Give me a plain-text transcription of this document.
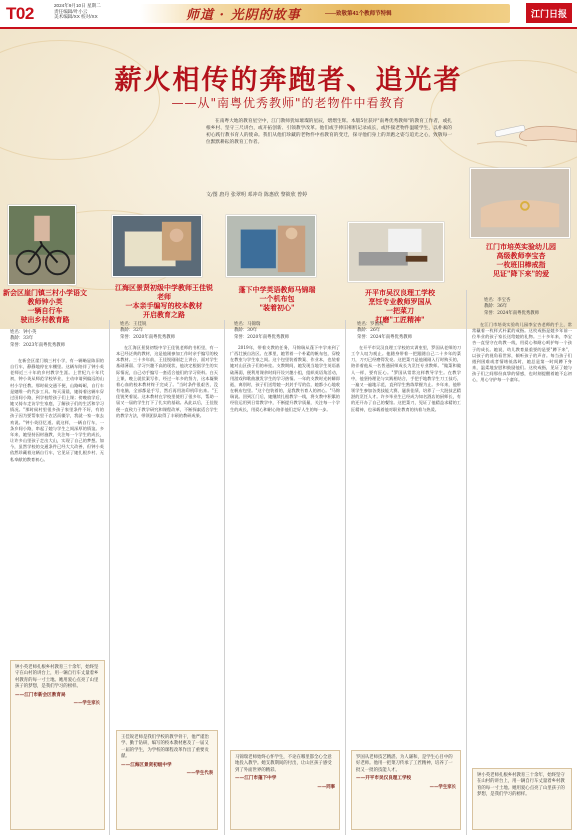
T02	2024年9月10日 星期二
责任编辑/叶小云
美术编辑/XX 校对/XX	师道 · 光阴的故事	——致敬第41个教师节特辑	江门日报
薪火相传的奔跑者、追光者
——从"南粤优秀教师"的老物件中看教育
在南粤大地的教育星空中，江门教师犹如璀璨的星辰，熠熠生辉。本版5位获评"南粤优秀教师"的教育工作者，或扎根乡村、坚守三尺讲台，或开拓创新、引领教学改革。他们或手捧旧相机记录成长，或怀揣老物件温暖学生，以朴素的初心践行教书育人的使命。我们从他们珍藏的老物件中看教育的变迁，探寻他们身上的奔跑之姿与追光之心，致敬每一位默默耕耘的教育工作者。
文/图 唐丹 张翠明 邓冲奇 陈惠欣 黎筱欣 曾婷
新会区崖门镇三村小学语文教师钟小英
一辆自行车
驶出乡村教育路
江海区景贤初级中学教师王佳锐老师
一本亲手编写的校本教材
开启教育之路
蓬下中学英语教师马锦瑞
一个机布包
"装着初心"
开平市吴汉良理工学校
烹饪专业教师罗国从
一把菜刀
打磨"工匠精神"
江门市培英实验幼儿园
高级教师李宝杏
一枚班旧棒戒指
见证"降下来"的爱
姓名：钟小英
教龄：33年
荣誉：2023年南粤优秀教师
姓名：王佳锐
教龄：32年
荣誉：2020年南粤优秀教师
姓名：马锦瑞
教龄：30年
荣誉：2020年南粤优秀教师
姓名：罗国从
教龄：26年
荣誉：2024年南粤优秀教师
姓名：李宝杏
教龄：36年
荣誉：2024年南粤优秀教师

在新会区崖门镇三村小学，有一辆略显陈旧的自行车，静静地停在车棚里。这辆车陪伴了钟小英老师近三十年的乡村教学生涯。上世纪九十年代初，钟小英从师范学校毕业，主动申请到偏远的山村小学任教。那时候交通不便，山路崎岖，自行车是她唯一的代步工具。每天清晨，她骑着这辆车穿过田间小路，到学校给孩子们上课；傍晚放学后，她又骑车走访学生家庭，了解孩子们的生活和学习情况。"那时候村里很多孩子家里条件不好，有的孩子因为要帮家里干农活而辍学，我就一家一家去劝说。"钟小英回忆道。就这样，一辆自行车，一条乡间小路，串起了她与学生之间深厚的情谊。多年来，她坚持因材施教，关注每一个学生的成长，让许多山里孩子走出大山，实现了自己的梦想。如今，虽然学校的交通条件已经大大改善，但钟小英依然珍藏着这辆自行车，它见证了她扎根乡村、无私奉献的教育初心。

在江海区景贤初级中学王佳锐老师的书柜里，有一本已经泛黄的教材，这是他刚参加工作时亲手编写的校本教材。三十多年前，王佳锐刚刚走上讲台，面对学生基础薄弱、学习兴趣不高的现状，他决定根据学生的实际情况，自己动手编写一套适合他们的学习资料。白天上课，晚上就伏案写作，经过一年多的努力，这本凝聚着心血的校本教材终于完成了。"当时条件很艰苦，没有电脑，全部都是手写，然后再用油印机印出来。"王佳锐笑着说。这本教材在学校里使用了很多年，帮助一届又一届的学生打下了扎实的基础。从此以后，王佳锐便一直致力于教学研究和课程改革，不断探索适合学生的教学方法，带领团队取得了丰硕的教研成果。

2019年，带着支教的任务，马锦瑞从蓬下中学来到了广西壮族自治区。在那里，她背着一个朴素的帆布包，穿梭在教室与学生家之间。这个包里装着教案、作业本，也装着她对山区孩子们的牵挂。支教期间，她发现当地学生英语基础薄弱，便利用课余时间开设兴趣小组，组织英语角活动，用游戏和歌曲激发学生的学习热情。一年的支教时光转瞬即逝，离别时，孩子们送给她一封封手写的信，她都小心地收在帆布包里。"这个包装着的，是我教书育人的初心。"马锦瑞说。回到江门后，她继续扎根教学一线，将支教中积累的经验运用到日常教学中，不断提升教学质量，关注每一个学生的成长，用爱心和耐心陪伴他们走好人生的每一步。

在开平市吴汉良理工学校的实训室里，罗国从老师的刀工令人叹为观止。他随身带着一把跟随自己二十多年的菜刀，刀刃已经磨得发亮。这把菜刀是他刚刚入行时购买的，陪伴着他从一名普通厨师成长为烹饪专业教师。"做菜和做人一样，要有匠心。"罗国从常常这样教导学生。在教学中，他坚持理论与实践相结合，手把手地教学生刀工技巧，一遍又一遍地示范，直到学生熟练掌握为止。多年来，他带领学生参加各类技能大赛，屡获佳绩，培养了一大批技艺精湛的烹饪人才。许多毕业生已经成为知名酒店的厨师长，有的还开办了自己的餐馆。这把菜刀，见证了他精益求精的工匠精神，也承载着他对职业教育的执着与热爱。

在江门市培英实验幼儿园李宝杏老师的手上，常常戴着一枚样式朴素的戒指。这枚戒指是她多年前一位毕业的孩子家长送给她的礼物。三十多年来，李宝杏一直坚守在幼教一线，用爱心和耐心呵护每一个孩子的成长。她说，幼儿教育最重要的是要"蹲下来"，以孩子的视角看世界，倾听孩子的声音。每当孩子们遇到困难或者情绪低落时，她总是第一时间蹲下身来，温柔地安慰和鼓励他们。这枚戒指，见证了她与孩子们之间那份真挚的情感，也时刻提醒着她不忘初心，用心守护每一个童年。

钟小英老师扎根乡村教育三十余年，始终坚守在山村的讲台上，用一辆自行车丈量着乡村教育的每一寸土地。她用爱心点亮了山里孩子的梦想，是我们学习的榜样。
——江门市新会区教育局
——学生家长
王佳锐老师是我们学校的教学骨干，他严谨治学、勤于钻研，编写的校本教材惠及了一届又一届的学生，为学校的课程改革作出了重要贡献。
——江海区景贤初级中学
——学生代表
马锦瑞老师始终心怀学生，不论在哪里都全心全意地投入教学。她支教期间的付出，让山区孩子感受到了外面世界的精彩。
——江门市蓬下中学
——同事
罗国从老师技艺精湛、为人谦和，是学生心目中的好老师。他用一把菜刀传承了工匠精神，培养了一批又一批的技能人才。
——开平市吴汉良理工学校
——学生家长
钟小英老师扎根乡村教育三十余年，始终坚守在山村的讲台上，用一辆自行车丈量着乡村教育的每一寸土地。她用爱心点亮了山里孩子的梦想，是我们学习的榜样。
